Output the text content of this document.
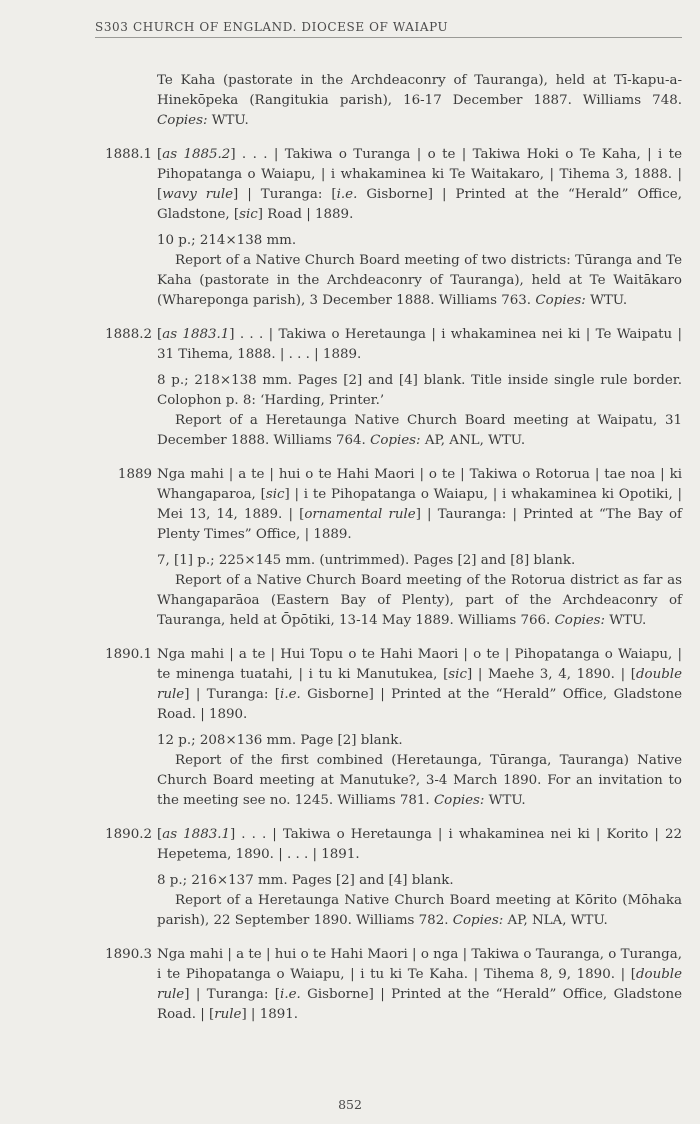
S303 CHURCH OF ENGLAND. DIOCESE OF WAIAPU

Te Kaha (pastorate in the Archdeaconry of Tauranga), held at Tī-kapu-a-Hinekōpeka (Rangitukia parish), 16-17 December 1887. Williams 748. Copies: WTU.

1888.1 [as 1885.2] . . . | Takiwa o Turanga | o te | Takiwa Hoki o Te Kaha, | i te Pihopatanga o Waiapu, | i whakaminea ki Te Waitakaro, | Tihema 3, 1888. | [wavy rule] | Turanga: [i.e. Gisborne] | Printed at the “Herald” Office, Gladstone, [sic] Road | 1889.

10 p.; 214×138 mm.

Report of a Native Church Board meeting of two districts: Tūranga and Te Kaha (pastorate in the Archdeaconry of Tauranga), held at Te Waitākaro (Whareponga parish), 3 December 1888. Williams 763. Copies: WTU.

1888.2 [as 1883.1] . . . | Takiwa o Heretaunga | i whakaminea nei ki | Te Waipatu | 31 Tihema, 1888. | . . . | 1889.

8 p.; 218×138 mm. Pages [2] and [4] blank. Title inside single rule border. Colophon p. 8: ‘Harding, Printer.’

Report of a Heretaunga Native Church Board meeting at Waipatu, 31 December 1888. Williams 764. Copies: AP, ANL, WTU.

1889 Nga mahi | a te | hui o te Hahi Maori | o te | Takiwa o Rotorua | tae noa | ki Whangaparoa, [sic] | i te Pihopatanga o Waiapu, | i whakaminea ki Opotiki, | Mei 13, 14, 1889. | [ornamental rule] | Tauranga: | Printed at “The Bay of Plenty Times” Office, | 1889.

7, [1] p.; 225×145 mm. (untrimmed). Pages [2] and [8] blank.

Report of a Native Church Board meeting of the Rotorua district as far as Whangaparāoa (Eastern Bay of Plenty), part of the Archdeaconry of Tauranga, held at Ōpōtiki, 13-14 May 1889. Williams 766. Copies: WTU.

1890.1 Nga mahi | a te | Hui Topu o te Hahi Maori | o te | Pihopatanga o Waiapu, | te minenga tuatahi, | i tu ki Manutukea, [sic] | Maehe 3, 4, 1890. | [double rule] | Turanga: [i.e. Gisborne] | Printed at the “Herald” Office, Gladstone Road. | 1890.

12 p.; 208×136 mm. Page [2] blank.

Report of the first combined (Heretaunga, Tūranga, Tauranga) Native Church Board meeting at Manutuke?, 3-4 March 1890. For an invitation to the meeting see no. 1245. Williams 781. Copies: WTU.

1890.2 [as 1883.1] . . . | Takiwa o Heretaunga | i whakaminea nei ki | Korito | 22 Hepetema, 1890. | . . . | 1891.

8 p.; 216×137 mm. Pages [2] and [4] blank.

Report of a Heretaunga Native Church Board meeting at Kōrito (Mōhaka parish), 22 September 1890. Williams 782. Copies: AP, NLA, WTU.

1890.3 Nga mahi | a te | hui o te Hahi Maori | o nga | Takiwa o Tauranga, o Turanga, i te Pihopatanga o Waiapu, | i tu ki Te Kaha. | Tihema 8, 9, 1890. | [double rule] | Turanga: [i.e. Gisborne] | Printed at the “Herald” Office, Gladstone Road. | [rule] | 1891.

852
